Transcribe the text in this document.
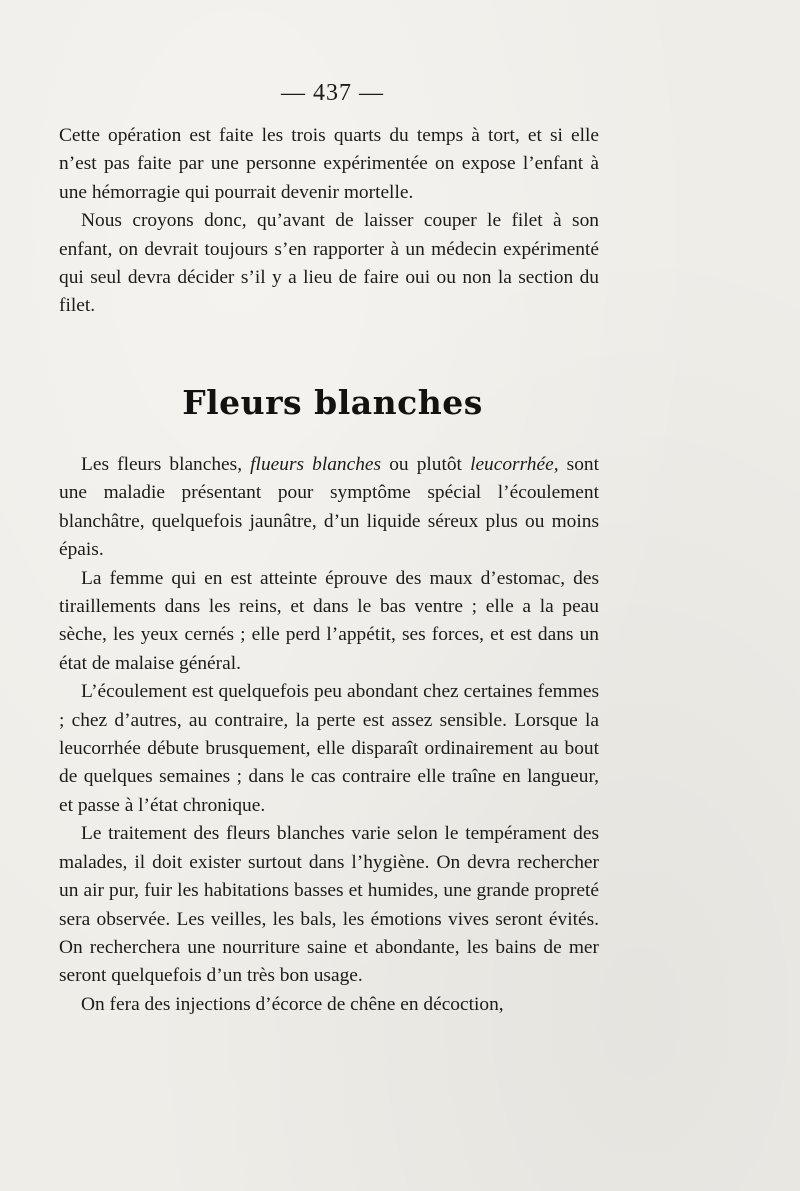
— 437 —

Cette opération est faite les trois quarts du temps à tort, et si elle n’est pas faite par une personne expérimentée on expose l’enfant à une hémorragie qui pourrait devenir mortelle.

Nous croyons donc, qu’avant de laisser couper le filet à son enfant, on devrait toujours s’en rapporter à un médecin expérimenté qui seul devra décider s’il y a lieu de faire oui ou non la section du filet.

Fleurs blanches

Les fleurs blanches, flueurs blanches ou plutôt leucorrhée, sont une maladie présentant pour symptôme spécial l’écoulement blanchâtre, quelquefois jaunâtre, d’un liquide séreux plus ou moins épais.

La femme qui en est atteinte éprouve des maux d’estomac, des tiraillements dans les reins, et dans le bas ventre ; elle a la peau sèche, les yeux cernés ; elle perd l’appétit, ses forces, et est dans un état de malaise général.

L’écoulement est quelquefois peu abondant chez certaines femmes ; chez d’autres, au contraire, la perte est assez sensible. Lorsque la leucorrhée débute brusquement, elle disparaît ordinairement au bout de quelques semaines ; dans le cas contraire elle traîne en langueur, et passe à l’état chronique.

Le traitement des fleurs blanches varie selon le tempérament des malades, il doit exister surtout dans l’hygiène. On devra rechercher un air pur, fuir les habitations basses et humides, une grande propreté sera observée. Les veilles, les bals, les émotions vives seront évités. On recherchera une nourriture saine et abondante, les bains de mer seront quelquefois d’un très bon usage.

On fera des injections d’écorce de chêne en décoction,
